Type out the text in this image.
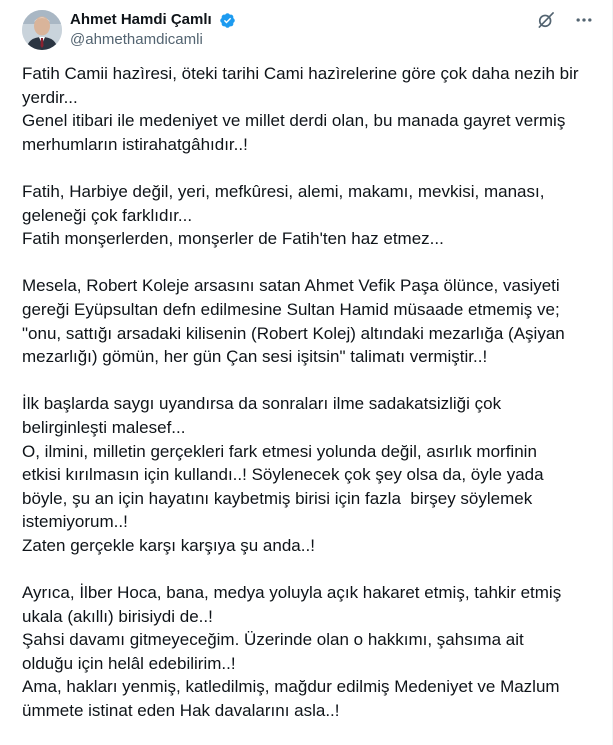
Ahmet Hamdi Çamlı
@ahmethamdicamli
Fatih Camii hazìresi, öteki tarihi Cami hazìrelerine göre çok daha nezih bir
yerdir...
Genel itibari ile medeniyet ve millet derdi olan, bu manada gayret vermiş
merhumların istirahatgâhıdır..!
Fatih, Harbiye değil, yeri, mefkûresi, alemi, makamı, mevkisi, manası,
geleneği çok farklıdır...
Fatih monşerlerden, monşerler de Fatih'ten haz etmez...
Mesela, Robert Koleje arsasını satan Ahmet Vefik Paşa ölünce, vasiyeti
gereği Eyüpsultan defn edilmesine Sultan Hamid müsaade etmemiş ve;
"onu, sattığı arsadaki kilisenin (Robert Kolej) altındaki mezarlığa (Aşiyan
mezarlığı) gömün, her gün Çan sesi işitsin" talimatı vermiştir..!
İlk başlarda saygı uyandırsa da sonraları ilme sadakatsizliği çok
belirginleşti malesef...
O, ilmini, milletin gerçekleri fark etmesi yolunda değil, asırlık morfinin
etkisi kırılmasın için kullandı..! Söylenecek çok şey olsa da, öyle yada
böyle, şu an için hayatını kaybetmiş birisi için fazla  birşey söylemek
istemiyorum..!
Zaten gerçekle karşı karşıya şu anda..!
Ayrıca, İlber Hoca, bana, medya yoluyla açık hakaret etmiş, tahkir etmiş
ukala (akıllı) birisiydi de..!
Şahsi davamı gitmeyeceğim. Üzerinde olan o hakkımı, şahsıma ait
olduğu için helâl edebilirim..!
Ama, hakları yenmiş, katledilmiş, mağdur edilmiş Medeniyet ve Mazlum
ümmete istinat eden Hak davalarını asla..!
